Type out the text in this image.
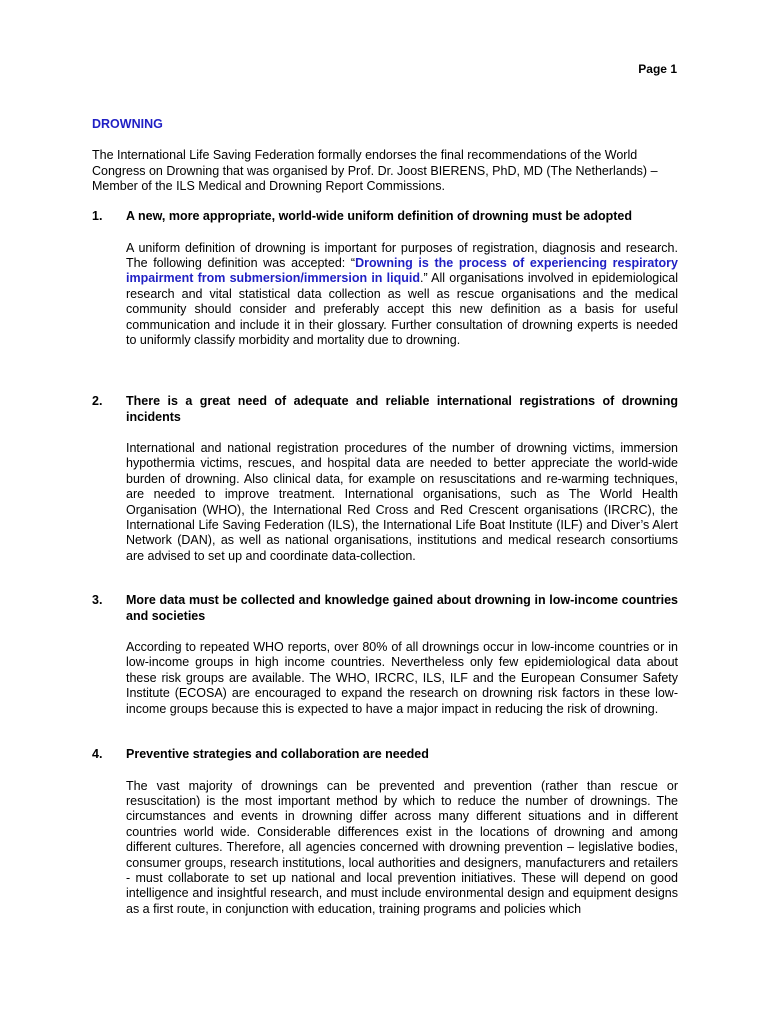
Page 1
DROWNING

The International Life Saving Federation formally endorses the final recommendations of the World Congress on Drowning that was organised by Prof. Dr. Joost BIERENS, PhD, MD (The Netherlands) – Member of the ILS Medical and Drowning Report Commissions.

1. A new, more appropriate, world-wide uniform definition of drowning must be adopted

A uniform definition of drowning is important for purposes of registration, diagnosis and research. The following definition was accepted: “Drowning is the process of experiencing respiratory impairment from submersion/immersion in liquid.” All organisations involved in epidemiological research and vital statistical data collection as well as rescue organisations and the medical community should consider and preferably accept this new definition as a basis for useful communication and include it in their glossary. Further consultation of drowning experts is needed to uniformly classify morbidity and mortality due to drowning.

2. There is a great need of adequate and reliable international registrations of drowning incidents

International and national registration procedures of the number of drowning victims, immersion hypothermia victims, rescues, and hospital data are needed to better appreciate the world-wide burden of drowning. Also clinical data, for example on resuscitations and re-warming techniques, are needed to improve treatment. International organisations, such as The World Health Organisation (WHO), the International Red Cross and Red Crescent organisations (IRCRC), the International Life Saving Federation (ILS), the International Life Boat Institute (ILF) and Diver’s Alert Network (DAN), as well as national organisations, institutions and medical research consortiums are advised to set up and coordinate data-collection.

3. More data must be collected and knowledge gained about drowning in low-income countries and societies

According to repeated WHO reports, over 80% of all drownings occur in low-income countries or in low-income groups in high income countries. Nevertheless only few epidemiological data about these risk groups are available. The WHO, IRCRC, ILS, ILF and the European Consumer Safety Institute (ECOSA) are encouraged to expand the research on drowning risk factors in these low-income groups because this is expected to have a major impact in reducing the risk of drowning.

4. Preventive strategies and collaboration are needed

The vast majority of drownings can be prevented and prevention (rather than rescue or resuscitation) is the most important method by which to reduce the number of drownings. The circumstances and events in drowning differ across many different situations and in different countries world wide. Considerable differences exist in the locations of drowning and among different cultures. Therefore, all agencies concerned with drowning prevention – legislative bodies, consumer groups, research institutions, local authorities and designers, manufacturers and retailers - must collaborate to set up national and local prevention initiatives. These will depend on good intelligence and insightful research, and must include environmental design and equipment designs as a first route, in conjunction with education, training programs and policies which
